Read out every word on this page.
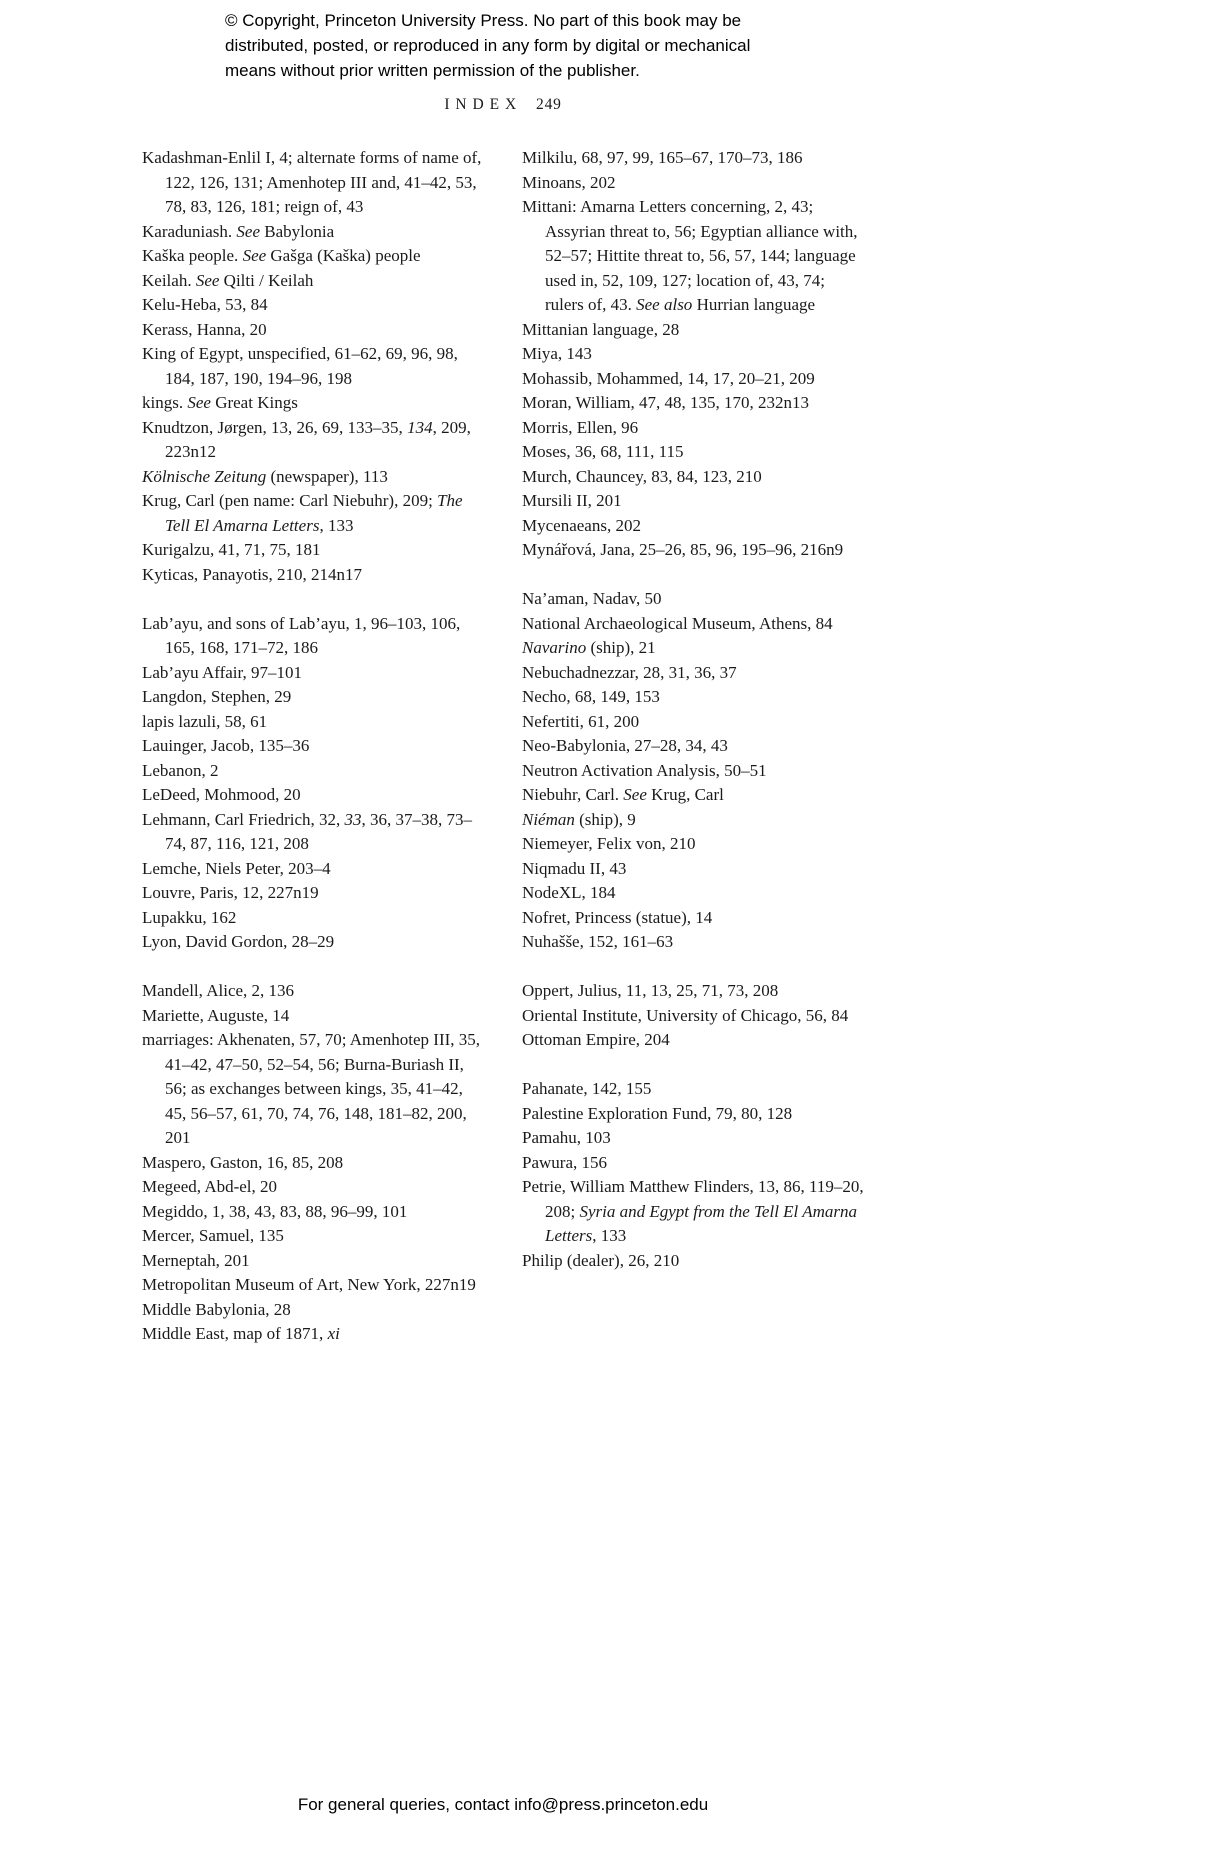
© Copyright, Princeton University Press. No part of this book may be
distributed, posted, or reproduced in any form by digital or mechanical
means without prior written permission of the publisher.
INDEX 249
Kadashman-Enlil I, 4; alternate forms of name of, 122, 126, 131; Amenhotep III and, 41–42, 53, 78, 83, 126, 181; reign of, 43
Karaduniash. See Babylonia
Kaška people. See Gašga (Kaška) people
Keilah. See Qilti / Keilah
Kelu-Heba, 53, 84
Kerass, Hanna, 20
King of Egypt, unspecified, 61–62, 69, 96, 98, 184, 187, 190, 194–96, 198
kings. See Great Kings
Knudtzon, Jørgen, 13, 26, 69, 133–35, 134, 209, 223n12
Kölnische Zeitung (newspaper), 113
Krug, Carl (pen name: Carl Niebuhr), 209; The Tell El Amarna Letters, 133
Kurigalzu, 41, 71, 75, 181
Kyticas, Panayotis, 210, 214n17
Lab’ayu, and sons of Lab’ayu, 1, 96–103, 106, 165, 168, 171–72, 186
Lab’ayu Affair, 97–101
Langdon, Stephen, 29
lapis lazuli, 58, 61
Lauinger, Jacob, 135–36
Lebanon, 2
LeDeed, Mohmood, 20
Lehmann, Carl Friedrich, 32, 33, 36, 37–38, 73–74, 87, 116, 121, 208
Lemche, Niels Peter, 203–4
Louvre, Paris, 12, 227n19
Lupakku, 162
Lyon, David Gordon, 28–29
Mandell, Alice, 2, 136
Mariette, Auguste, 14
marriages: Akhenaten, 57, 70; Amenhotep III, 35, 41–42, 47–50, 52–54, 56; Burna-Buriash II, 56; as exchanges between kings, 35, 41–42, 45, 56–57, 61, 70, 74, 76, 148, 181–82, 200, 201
Maspero, Gaston, 16, 85, 208
Megeed, Abd-el, 20
Megiddo, 1, 38, 43, 83, 88, 96–99, 101
Mercer, Samuel, 135
Merneptah, 201
Metropolitan Museum of Art, New York, 227n19
Middle Babylonia, 28
Middle East, map of 1871, xi
Milkilu, 68, 97, 99, 165–67, 170–73, 186
Minoans, 202
Mittani: Amarna Letters concerning, 2, 43; Assyrian threat to, 56; Egyptian alliance with, 52–57; Hittite threat to, 56, 57, 144; language used in, 52, 109, 127; location of, 43, 74; rulers of, 43. See also Hurrian language
Mittanian language, 28
Miya, 143
Mohassib, Mohammed, 14, 17, 20–21, 209
Moran, William, 47, 48, 135, 170, 232n13
Morris, Ellen, 96
Moses, 36, 68, 111, 115
Murch, Chauncey, 83, 84, 123, 210
Mursili II, 201
Mycenaeans, 202
Mynářová, Jana, 25–26, 85, 96, 195–96, 216n9
Na’aman, Nadav, 50
National Archaeological Museum, Athens, 84
Navarino (ship), 21
Nebuchadnezzar, 28, 31, 36, 37
Necho, 68, 149, 153
Nefertiti, 61, 200
Neo-Babylonia, 27–28, 34, 43
Neutron Activation Analysis, 50–51
Niebuhr, Carl. See Krug, Carl
Niéman (ship), 9
Niemeyer, Felix von, 210
Niqmadu II, 43
NodeXL, 184
Nofret, Princess (statue), 14
Nuhašše, 152, 161–63
Oppert, Julius, 11, 13, 25, 71, 73, 208
Oriental Institute, University of Chicago, 56, 84
Ottoman Empire, 204
Pahanate, 142, 155
Palestine Exploration Fund, 79, 80, 128
Pamahu, 103
Pawura, 156
Petrie, William Matthew Flinders, 13, 86, 119–20, 208; Syria and Egypt from the Tell El Amarna Letters, 133
Philip (dealer), 26, 210
For general queries, contact info@press.princeton.edu
